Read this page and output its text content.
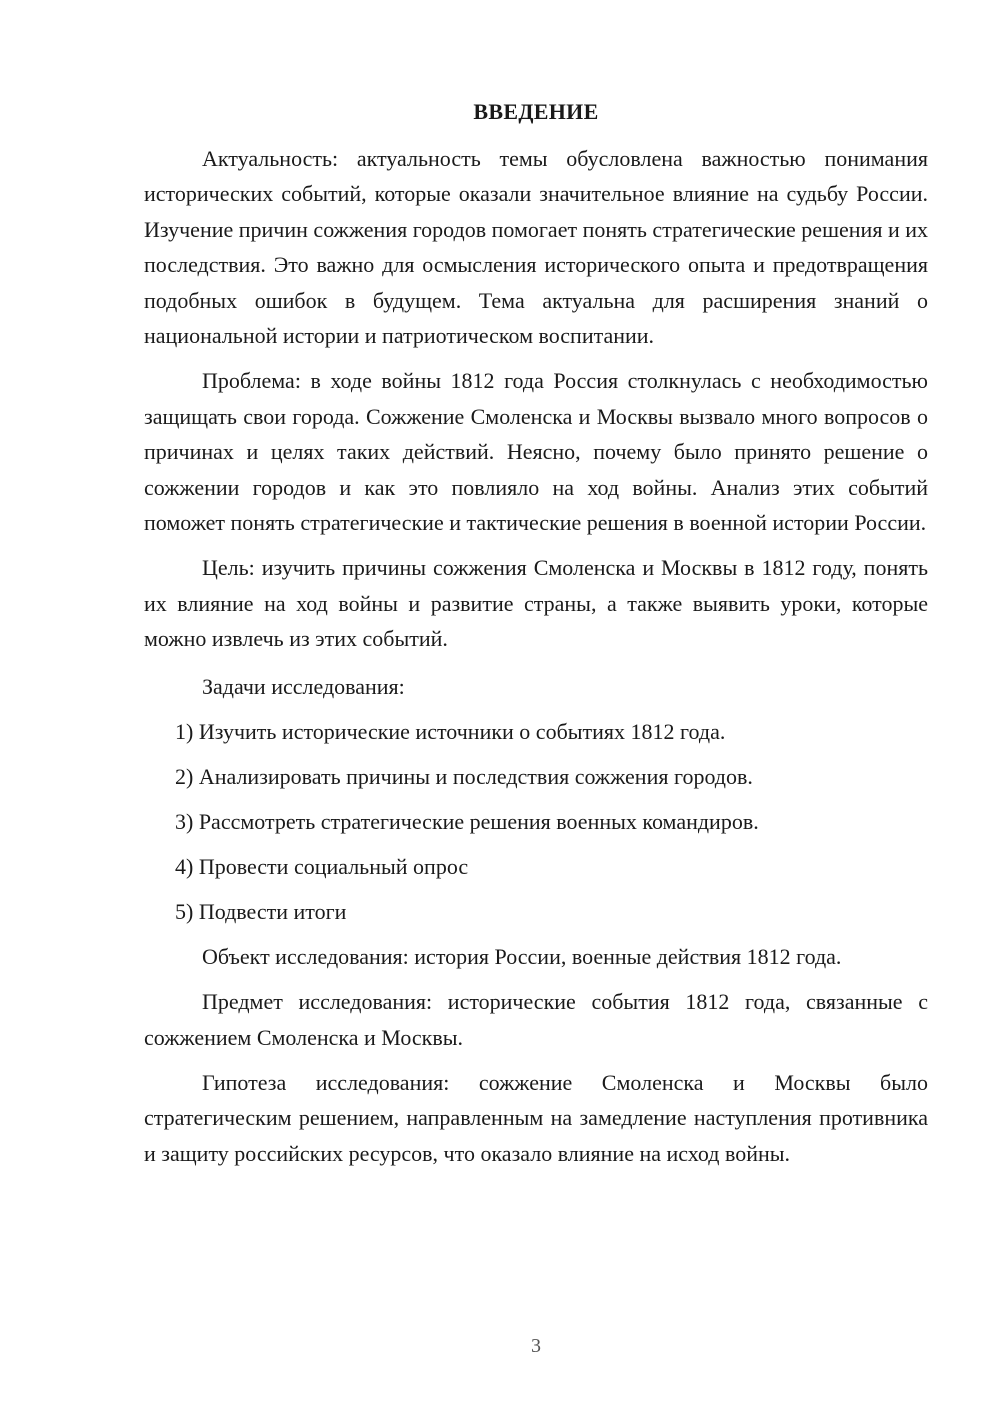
ВВЕДЕНИЕ

Актуальность: актуальность темы обусловлена важностью понимания исторических событий, которые оказали значительное влияние на судьбу России. Изучение причин сожжения городов помогает понять стратегические решения и их последствия. Это важно для осмысления исторического опыта и предотвращения подобных ошибок в будущем. Тема актуальна для расширения знаний о национальной истории и патриотическом воспитании.

Проблема: в ходе войны 1812 года Россия столкнулась с необходимостью защищать свои города. Сожжение Смоленска и Москвы вызвало много вопросов о причинах и целях таких действий. Неясно, почему было принято решение о сожжении городов и как это повлияло на ход войны. Анализ этих событий поможет понять стратегические и тактические решения в военной истории России.

Цель: изучить причины сожжения Смоленска и Москвы в 1812 году, понять их влияние на ход войны и развитие страны, а также выявить уроки, которые можно извлечь из этих событий.

Задачи исследования:

1) Изучить исторические источники о событиях 1812 года.
2) Анализировать причины и последствия сожжения городов.
3) Рассмотреть стратегические решения военных командиров.
4) Провести социальный опрос
5) Подвести итоги

Объект исследования: история России, военные действия 1812 года.

Предмет исследования: исторические события 1812 года, связанные с сожжением Смоленска и Москвы.

Гипотеза исследования: сожжение Смоленска и Москвы было стратегическим решением, направленным на замедление наступления противника и защиту российских ресурсов, что оказало влияние на исход войны.

3
